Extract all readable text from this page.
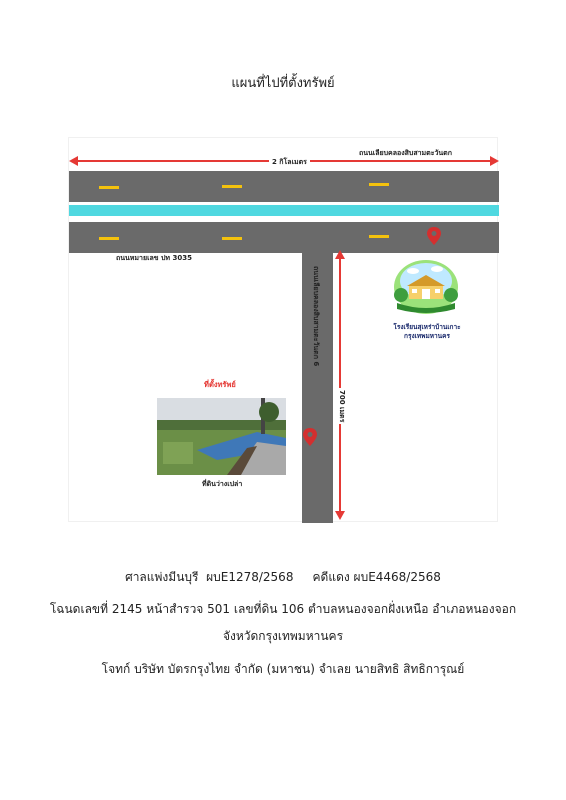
แผนที่ไปที่ตั้งทรัพย์
2 กิโลเมตร
ถนนเลียบคลองสิบสามตะวันตก
ถนนหมายเลข ปท 3035
ถนนเลียบคลองสิบสามตะวันตก 6
700 เมตร
โรงเรียนสุเหร่าบ้านเกาะ
กรุงเทพมหานคร
ที่ตั้งทรัพย์
ที่ดินว่างเปล่า
ศาลแพ่งมีนบุรี  ผบE1278/2568     คดีแดง ผบE4468/2568
โฉนดเลขที่ 2145 หน้าสำรวจ 501 เลขที่ดิน 106 ตำบลหนองจอกฝั่งเหนือ อำเภอหนองจอก
จังหวัดกรุงเทพมหานคร
โจทก์ บริษัท บัตรกรุงไทย จำกัด (มหาชน) จำเลย นายสิทธิ สิทธิการุณย์
